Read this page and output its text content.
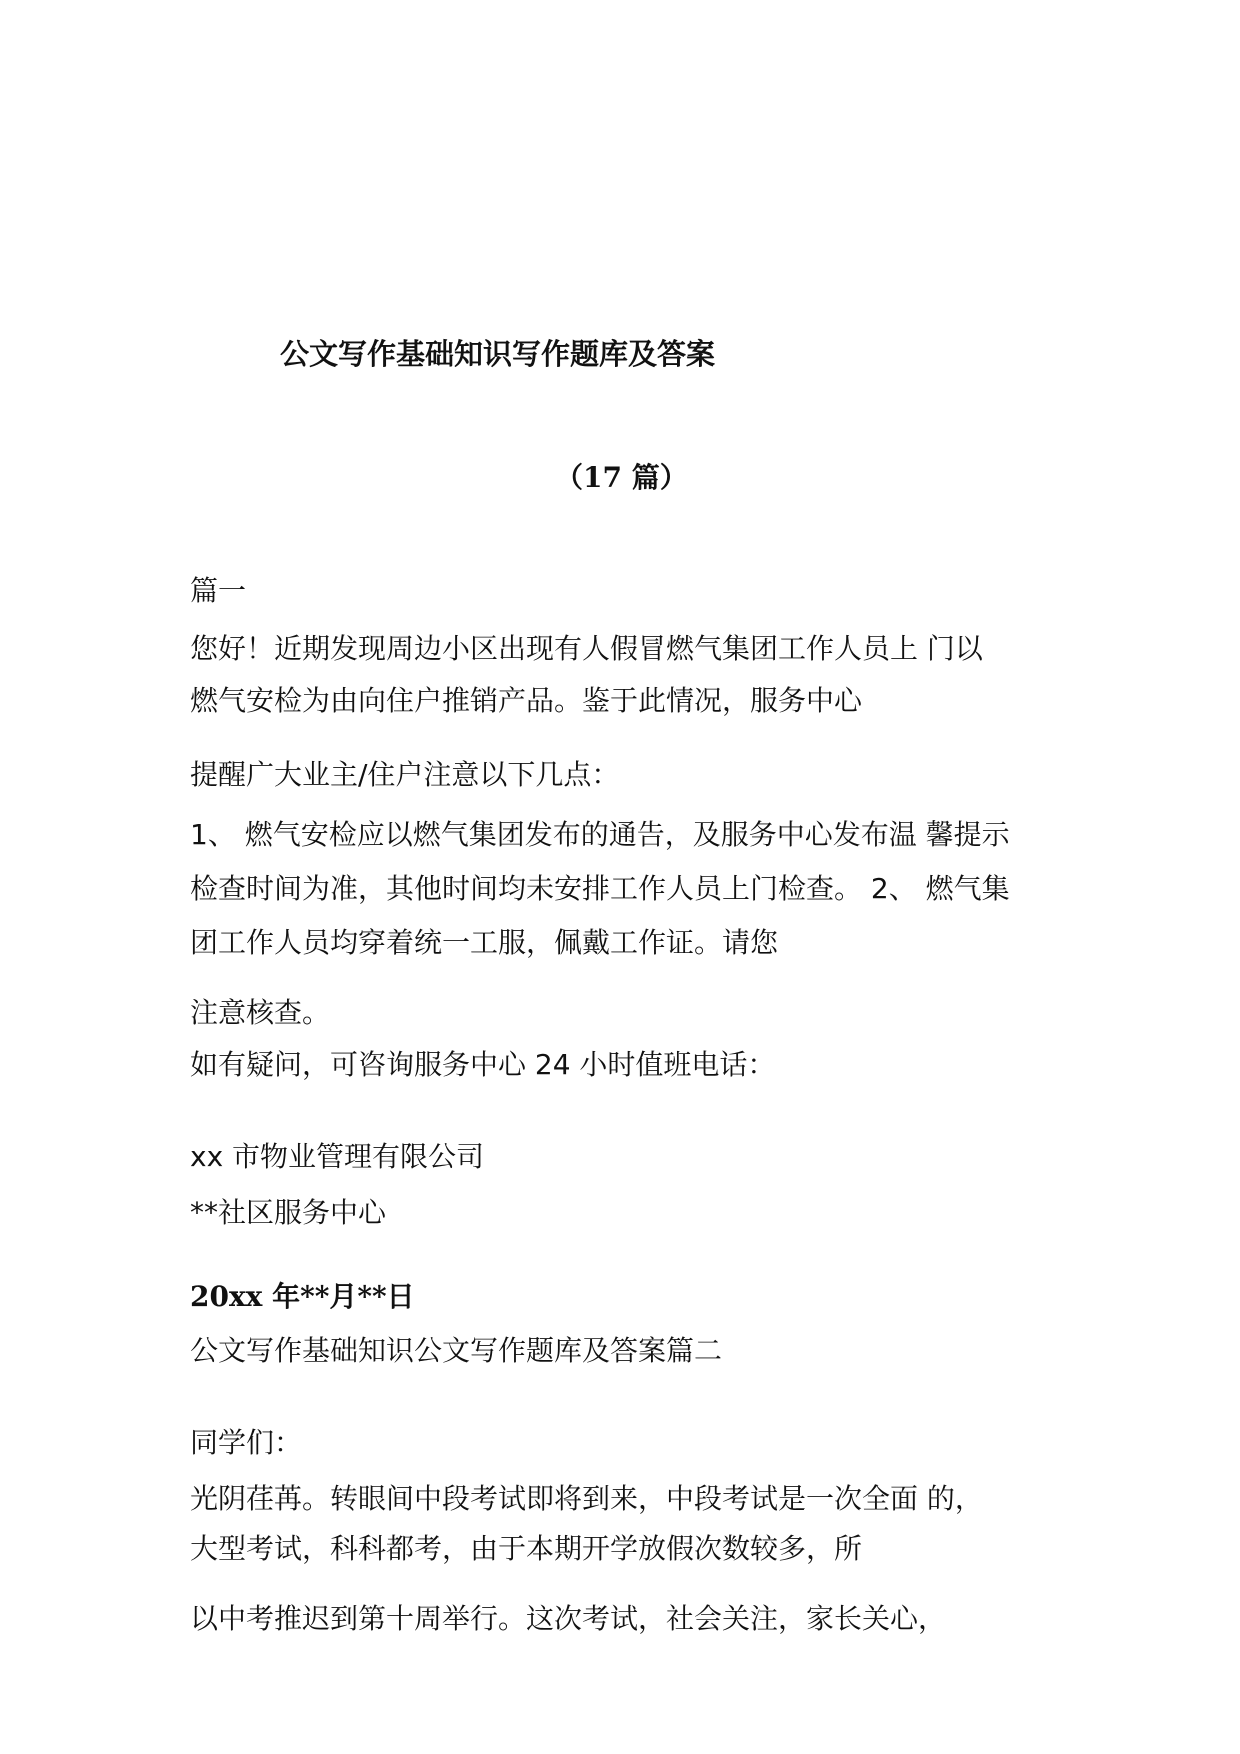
公文写作基础知识写作题库及答案
（17 篇）
篇一
您好！近期发现周边小区出现有人假冒燃气集团工作人员上 门以
燃气安检为由向住户推销产品。鉴于此情况，服务中心
提醒广大业主/住户注意以下几点：
1、 燃气安检应以燃气集团发布的通告，及服务中心发布温 馨提示
检查时间为准，其他时间均未安排工作人员上门检查。 2、 燃气集
团工作人员均穿着统一工服，佩戴工作证。请您
注意核查。
如有疑问，可咨询服务中心 24 小时值班电话：
xx 市物业管理有限公司
**社区服务中心
20xx 年**月**日
公文写作基础知识公文写作题库及答案篇二
同学们：
光阴荏苒。转眼间中段考试即将到来，中段考试是一次全面 的，
大型考试，科科都考，由于本期开学放假次数较多，所
以中考推迟到第十周举行。这次考试，社会关注，家长关心，
